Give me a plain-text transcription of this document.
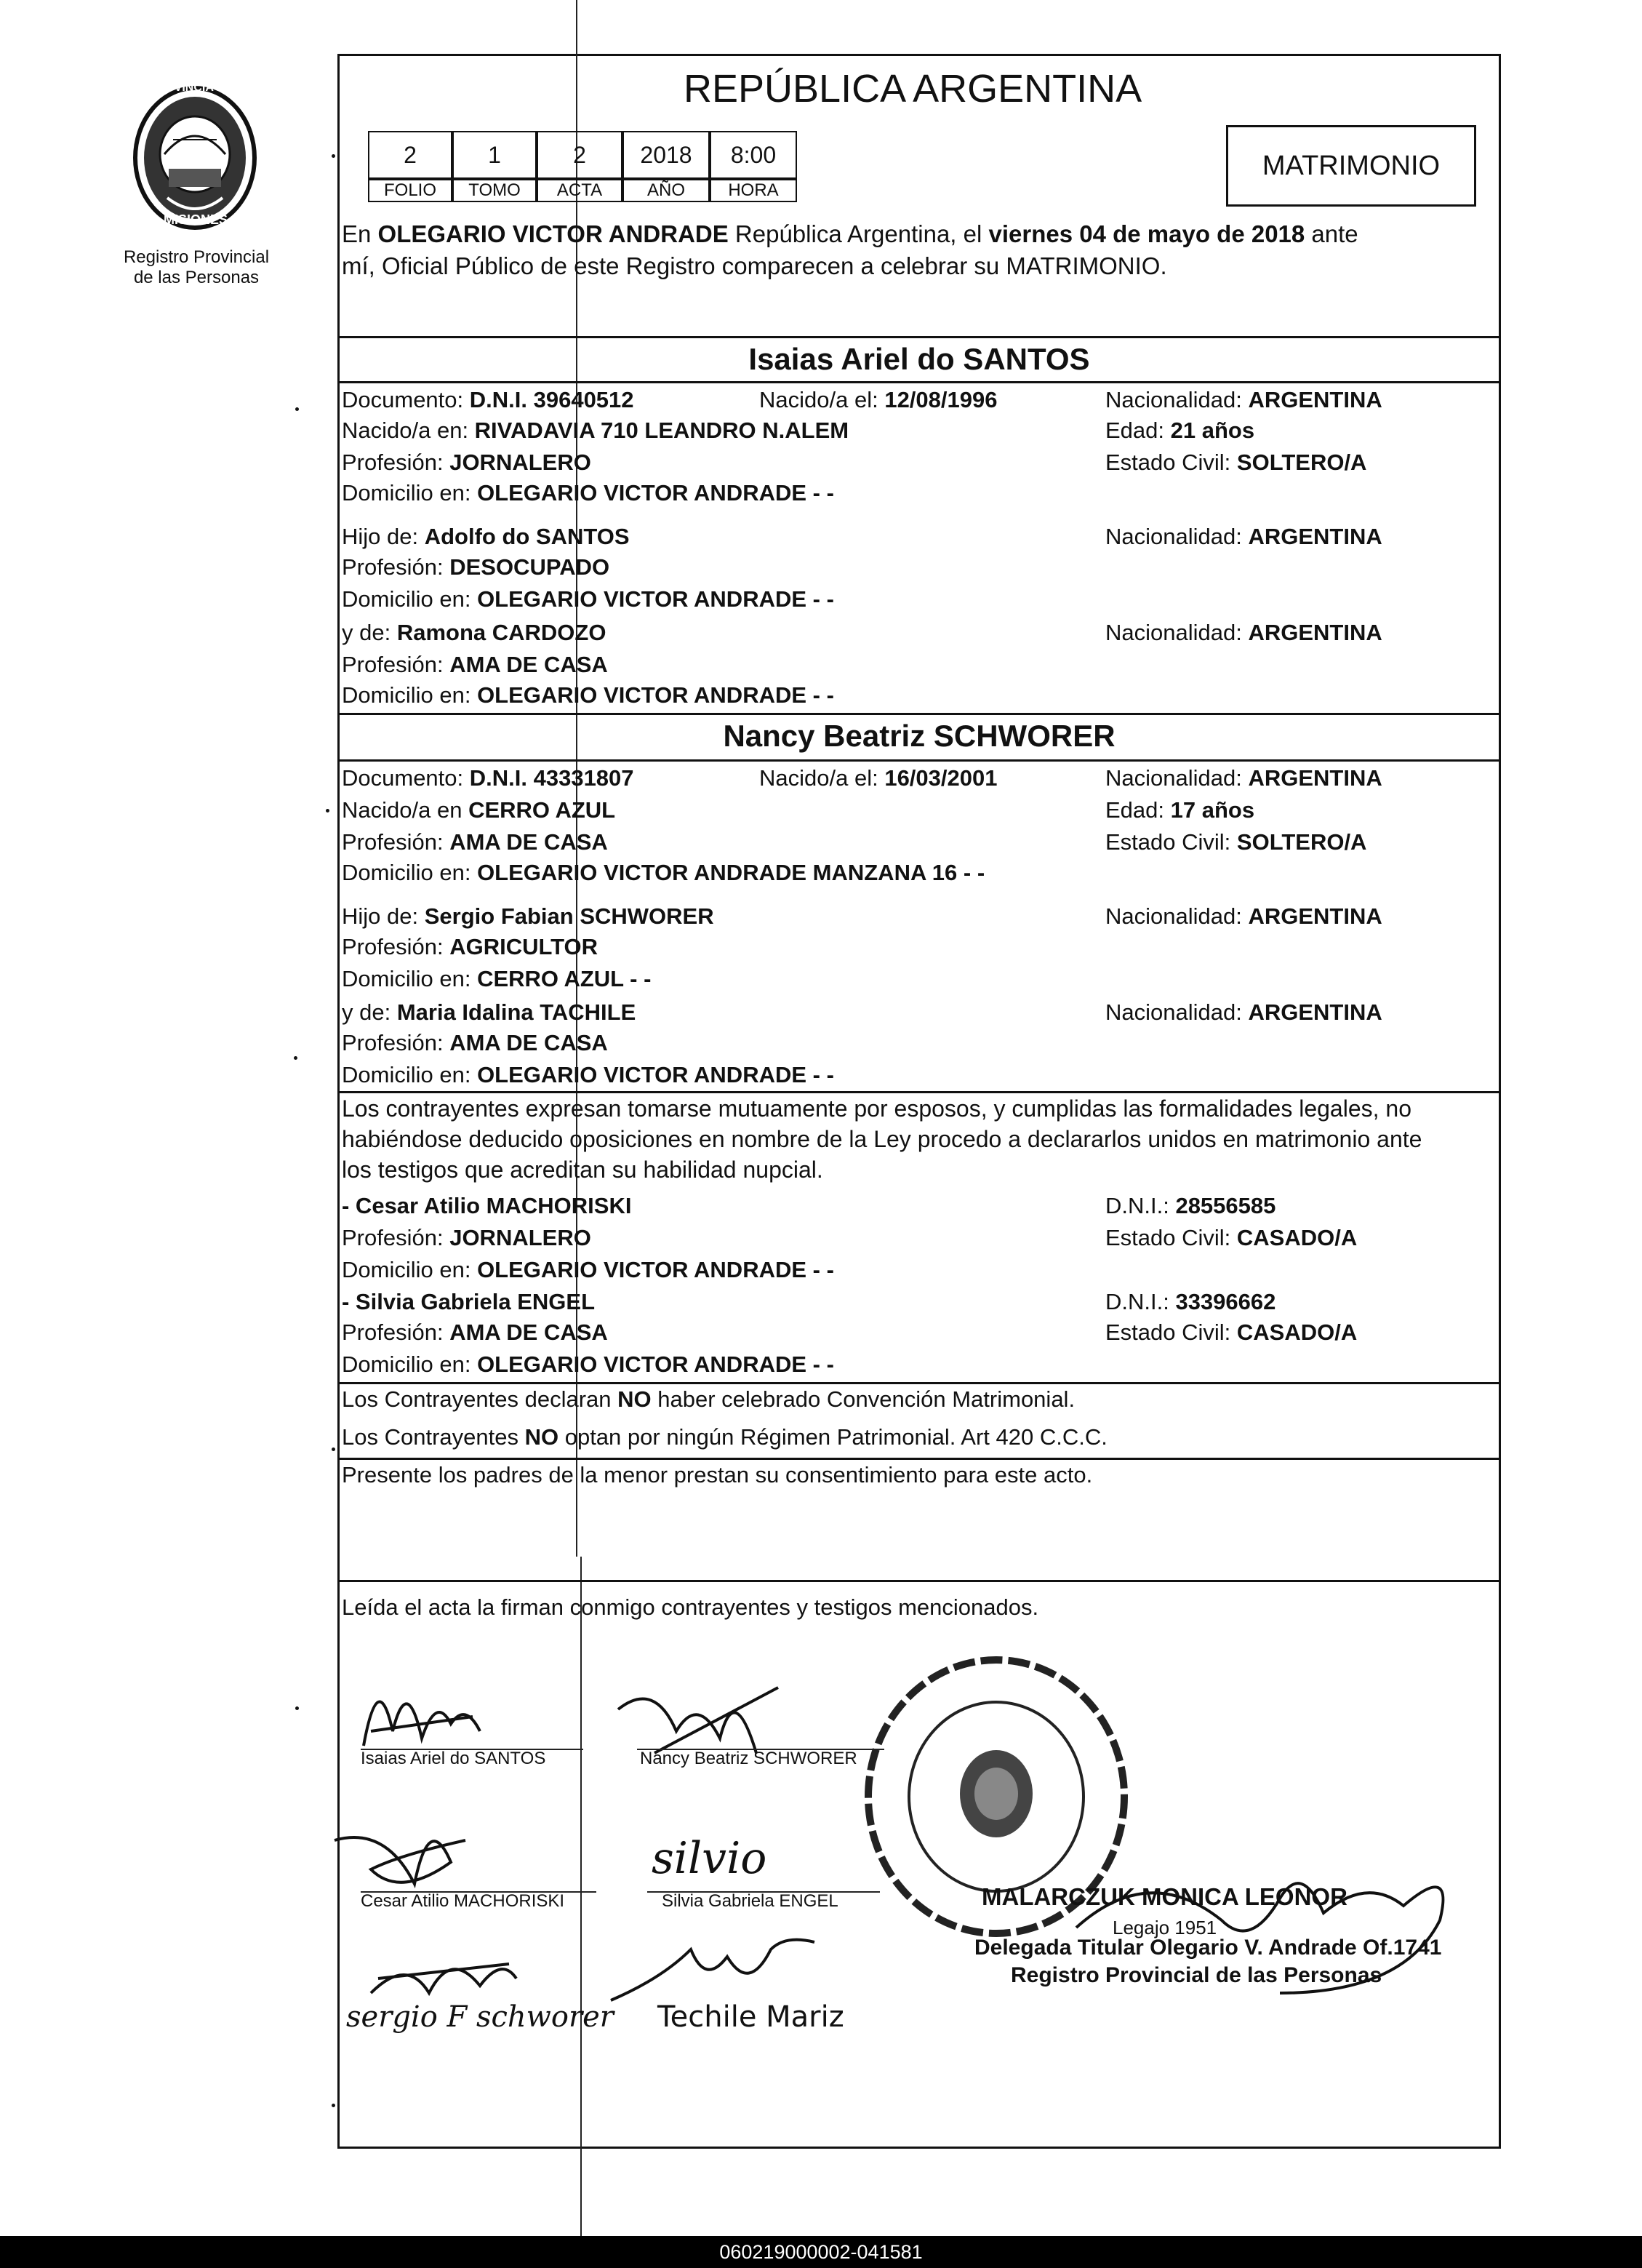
PROVINCIA DE
MISIONES
Registro Provincial
de las Personas
REPÚBLICA ARGENTINA
2	1	2	2018	8:00
FOLIO	TOMO	ACTA	AÑO	HORA
MATRIMONIO
En OLEGARIO VICTOR ANDRADE República Argentina, el viernes 04 de mayo de 2018 ante
mí, Oficial Público de este Registro comparecen a celebrar su MATRIMONIO.
Isaias Ariel do SANTOS
Documento: D.N.I. 39640512	Nacido/a el: 12/08/1996	Nacionalidad: ARGENTINA
Nacido/a en: RIVADAVIA 710 LEANDRO N.ALEM	Edad: 21 años
Profesión: JORNALERO	Estado Civil: SOLTERO/A
Domicilio en: OLEGARIO VICTOR ANDRADE - -
Hijo de: Adolfo do SANTOS	Nacionalidad: ARGENTINA
Profesión: DESOCUPADO
Domicilio en: OLEGARIO VICTOR ANDRADE - -
y de: Ramona CARDOZO	Nacionalidad: ARGENTINA
Profesión: AMA DE CASA
Domicilio en: OLEGARIO VICTOR ANDRADE - -
Nancy Beatriz SCHWORER
Documento: D.N.I. 43331807	Nacido/a el: 16/03/2001	Nacionalidad: ARGENTINA
Nacido/a en CERRO AZUL	Edad: 17 años
Profesión: AMA DE CASA	Estado Civil: SOLTERO/A
Domicilio en: OLEGARIO VICTOR ANDRADE MANZANA 16 - -
Hijo de: Sergio Fabian SCHWORER	Nacionalidad: ARGENTINA
Profesión: AGRICULTOR
Domicilio en: CERRO AZUL - -
y de: Maria Idalina TACHILE	Nacionalidad: ARGENTINA
Profesión: AMA DE CASA
Domicilio en: OLEGARIO VICTOR ANDRADE - -
Los contrayentes expresan tomarse mutuamente por esposos, y cumplidas las formalidades legales, no
habiéndose deducido oposiciones en nombre de la Ley procedo a declararlos unidos en matrimonio ante
los testigos que acreditan su habilidad nupcial.
- Cesar Atilio MACHORISKI	D.N.I.: 28556585
Profesión: JORNALERO	Estado Civil: CASADO/A
Domicilio en: OLEGARIO VICTOR ANDRADE - -
- Silvia Gabriela ENGEL	D.N.I.: 33396662
Profesión: AMA DE CASA	Estado Civil: CASADO/A
Domicilio en: OLEGARIO VICTOR ANDRADE - -
Los Contrayentes declaran NO haber celebrado Convención Matrimonial.
Los Contrayentes NO optan por ningún Régimen Patrimonial. Art 420 C.C.C.
Presente los padres de la menor prestan su consentimiento para este acto.
Leída el acta la firman conmigo contrayentes y testigos mencionados.
Isaias Ariel do SANTOS	Nancy Beatriz SCHWORER
Cesar Atilio MACHORISKI
silvio
Silvia Gabriela ENGEL
sergio F schworer Techile Mariz
MALARCZUK MONICA LEONOR
Legajo 1951
Delegada Titular Olegario V. Andrade Of.1741
Registro Provincial de las Personas
060219000002-041581
